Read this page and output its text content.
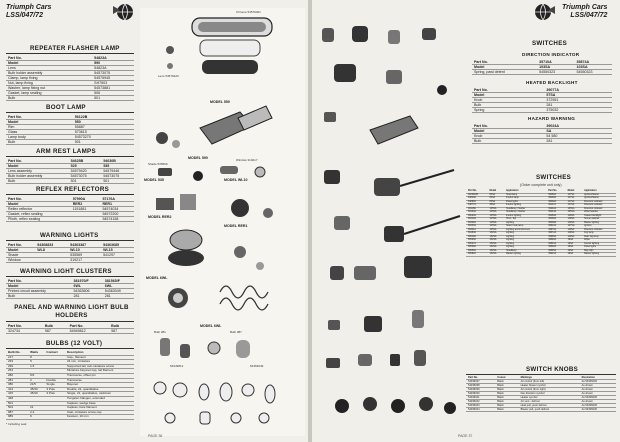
Triumph Cars
LSS/047/72
REPEATER FLASHER LAMP
Part No.	54823A
Model	590
Lens	54823A
Bulb holder assembly	54573075
Clamp, lamp fixing	54575945
Nut, lamp fixing	SH7503
Washer, lamp fixing nut	54573881
Gasket, lamp sealing	506
Bulb	501
BOOT LAMP
Part No.	56122B
Model	550
Rim	55887
Glass	573615
Lamp body	54573270
Bulb	501
ARM REST LAMPS
Part No.	54625B	54630B
Model	525	535
Lens assembly	54579420	54579446
Bulb holder assembly	54573075	54573075
Bulb	501	501
REFLEX REFLECTORS
Part No.	57990A	57176A
Model	RER2	RER1
Reflex reflector	1151881	54574034
Gasket, reflex sealing		54572200
Plinth, reflex sealing		54574158
WARNING LIGHTS
Part No.	54368833	54363387	54363685
Model	WL8	WL10	WL15
Shade		535569	541297
Window		319217	
WARNING LIGHT CLUSTERS
Part No.	381970/F	381565/F
Model	6WL	6WL
Printed circuit assembly	54363606	54363049
Bulb	281	281
PANEL AND WARNING LIGHT BULB HOLDERS
Part No.	Bulb	Part No.	Bulb
324734	987	54949812	987
BULBS (12 VOLT)
Bulb No.	Watts	Contact	Description
217	8		Cap-, filament
233	5		24 mm, miniature
239	1.5		Supported tail, sub-miniature screw
254			Miniature bayonet cap, tail filament
280	5/4		Transverse, offset pin
281	2	Double	Transverse
380	21/5	Single	Bayonet
414	45/40	3 Pole	Double, 21, quantitative
415	45/40	3 Pole	Single, 21, quantitative, cadmium
448			Tungsten halogen, extended
501			Capless, wedge base
504	21		Capless, bare filament
987	2.2		Cast, miniature screw cap
989	6		Festoon, 10 mm
* Including seal
MODEL 550
MODEL 590
MODEL 535	MODEL WL10
MODEL RER2
MODEL RER1
MODEL 6WL
MODEL 6WL
Chrome 54579401
Lens 54579420
Window 319217
Shade 535569
Bulb 281	Bulb 987
54949812	54363049
PAGE 36
Triumph Cars
LSS/047/72
SWITCHES
DIRECTION INDICATOR
Part No.	35710A	35874A
Model	103SA	103SA
Spring, pawl detent	54550323	54550323
HEATED BACKLIGHT
Part No.	39077A
Model	57SA
Knob	372951
Bulb	281
Spring	375032
HAZARD WARNING
Part No.	39024A
Model	SA
Knob	54 580
Bulb	281
SWITCHES
(Order complete unit only)
Part No.	Model	Application	Part No.	Model	Application
31808A/D	83SA	Head lamp	39080A	117SA	Ignition/Starter
34849A	83SA	Interior lamp	39086A	117SA	Ignition/Starter
34860A	83SA	Panel lights	39092A	117SA	Direction indicator
34877A	38SA	Interior lighting	39101J	117SA	Direction indicator
39115E	125SA	Headlamp / flasher	39240A	125SA	Direction indicator
39134A	125SA	Headlamp / flasher	39244A	125SA	Wiper/washer
39224A	125SA	Interior lighting	39480A	119SA	Heated backlight
39310A	143SA	Horn / dip	39490A	119SA	Screen washer
39332A	145SA	Lighting	39508A	119SA	Master lighting
39333A	145SA	Head / side lamp	39810A	127SA	Ignition
39341A	145SA	Lighting and instrument	39870A	119SA	Direction indicator
39463A	152SA	Lighting	39872A	119SA	Fog lamp
39518A	152SA	Lighting	39885A	119SA	Rear fog lamp
39525A	152SA	Lighting	39890A	19SA	Wiper
39527A	152SA	Lighting	39891A	19SA	Interior lighting
39528A	152SA	Lighting	39892A	19SA	Panel lights
39550A	152SA	Headlamp	39895A	19SA	Map light
39582A	152SA	Master lighting	39901A	19SA	Master lighting
SWITCH KNOBS
Part No.	Colour	Markings	Illustration
54336037	Black	Air control (from left)	As 54336036
54336038	Black	Heater blower symbol	As shown
54336039	Black	Air control (from right)	As shown
54336040	Black	Fan direction symbol	As shown
54336041	Black	Heater symbol	As 54336036
54336042	Black	Air vent - defrost	As shown
54336043	Black	Heat pull, push defrost	As 54336036
54336044	Black	Blower pull, push defrost	As 54336036
PAGE 37
